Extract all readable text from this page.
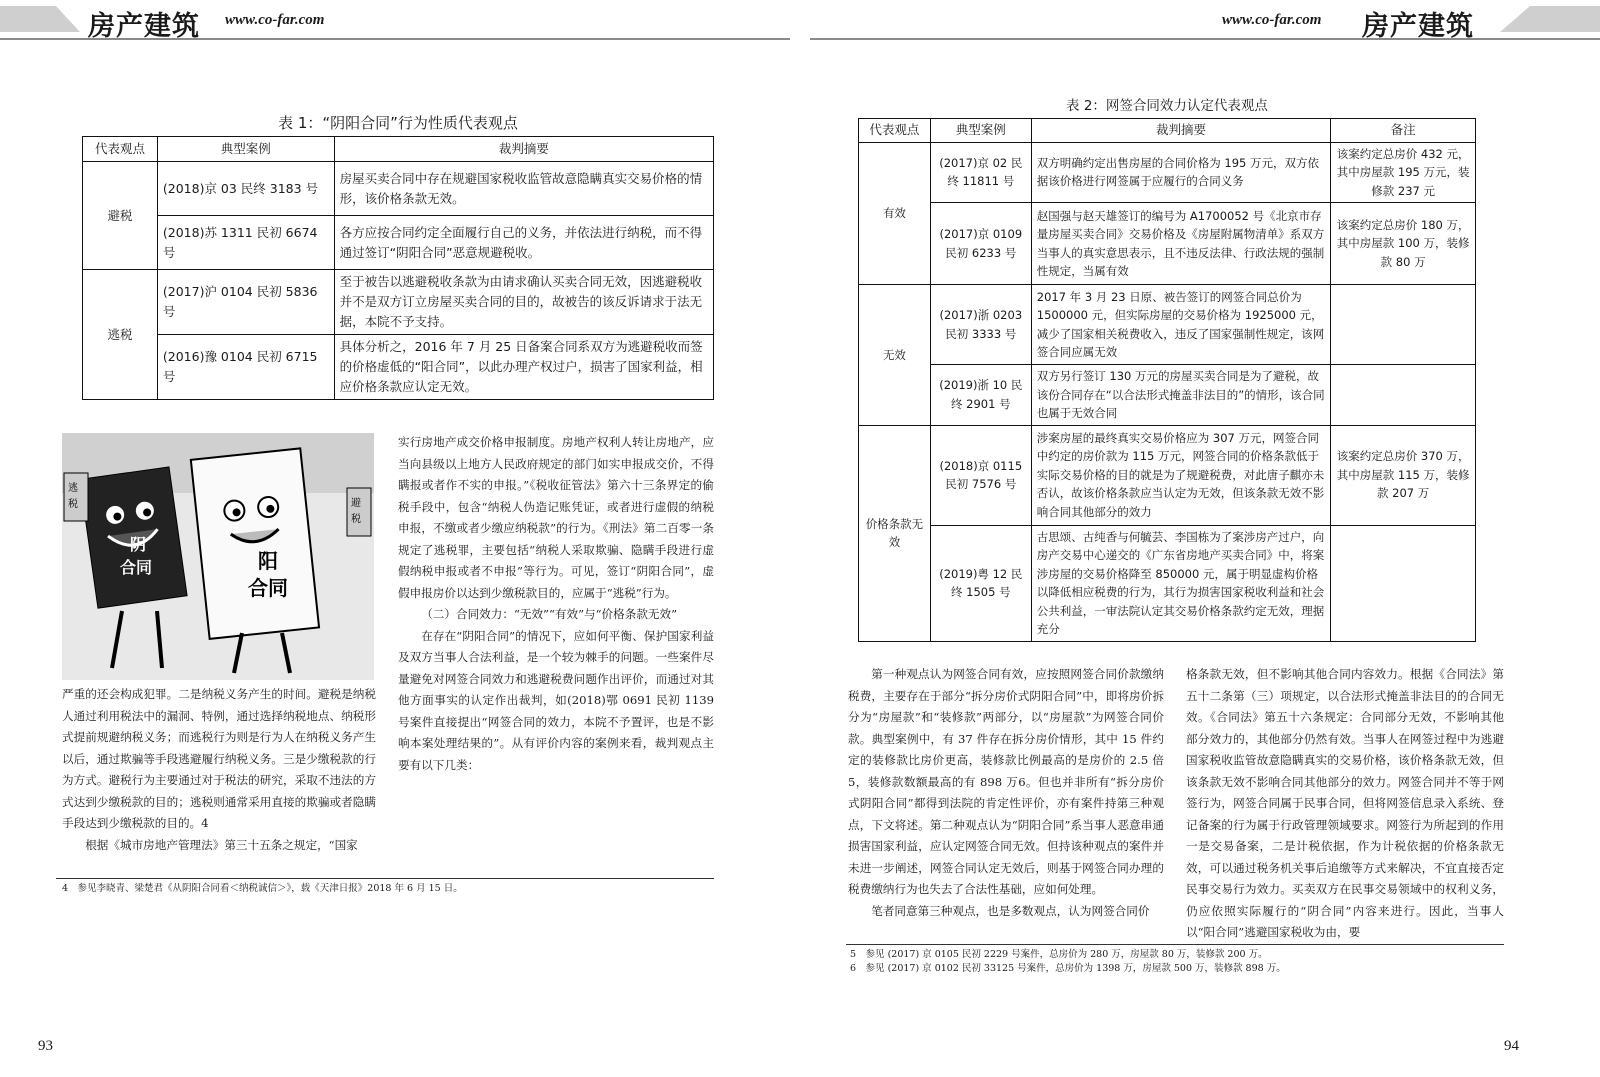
房产建筑 www.co-far.com	www.co-far.com 房产建筑
表 1：“阴阳合同”行为性质代表观点
代表观点	典型案例	裁判摘要
避税	(2018)京 03 民终 3183 号	房屋买卖合同中存在规避国家税收监管故意隐瞒真实交易价格的情形，该价格条款无效。
	(2018)苏 1311 民初 6674 号	各方应按合同约定全面履行自己的义务，并依法进行纳税，而不得通过签订“阴阳合同”恶意规避税收。
逃税	(2017)沪 0104 民初 5836 号	至于被告以逃避税收条款为由请求确认买卖合同无效，因逃避税收并不是双方订立房屋买卖合同的目的，故被告的该反诉请求于法无据，本院不予支持。
	(2016)豫 0104 民初 6715 号	具体分析之，2016 年 7 月 25 日备案合同系双方为逃避税收而签的价格虚低的“阳合同”，以此办理产权过户，损害了国家利益，相应价格条款应认定无效。
阴
合同	阳
合同
逃
税	避
税

严重的还会构成犯罪。二是纳税义务产生的时间。避税是纳税人通过利用税法中的漏洞、特例，通过选择纳税地点、纳税形式提前规避纳税义务；而逃税行为则是行为人在纳税义务产生以后，通过欺骗等手段逃避履行纳税义务。三是少缴税款的行为方式。避税行为主要通过对于税法的研究，采取不违法的方式达到少缴税款的目的；逃税则通常采用直接的欺骗或者隐瞒手段达到少缴税款的目的。4

根据《城市房地产管理法》第三十五条之规定，“国家

实行房地产成交价格申报制度。房地产权利人转让房地产，应当向县级以上地方人民政府规定的部门如实申报成交价，不得瞒报或者作不实的申报。”《税收征管法》第六十三条界定的偷税手段中，包含“纳税人伪造记账凭证，或者进行虚假的纳税申报，不缴或者少缴应纳税款”的行为。《刑法》第二百零一条规定了逃税罪，主要包括“纳税人采取欺骗、隐瞒手段进行虚假纳税申报或者不申报”等行为。可见，签订“阴阳合同”，虚假申报房价以达到少缴税款目的，应属于“逃税”行为。

（二）合同效力：“无效”“有效”与“价格条款无效”

在存在“阴阳合同”的情况下，应如何平衡、保护国家利益及双方当事人合法利益，是一个较为棘手的问题。一些案件尽量避免对网签合同效力和逃避税费问题作出评价，而通过对其他方面事实的认定作出裁判，如(2018)鄂 0691 民初 1139 号案件直接提出“网签合同的效力，本院不予置评，也是不影响本案处理结果的”。从有评价内容的案例来看，裁判观点主要有以下几类：

4　参见李晓青、梁楚君《从阴阳合同看＜纳税诚信＞》，载《天津日报》2018 年 6 月 15 日。
93
表 2：网签合同效力认定代表观点
代表观点	典型案例	裁判摘要	备注
有效	(2017)京 02 民终 11811 号	双方明确约定出售房屋的合同价格为 195 万元，双方依据该价格进行网签属于应履行的合同义务	该案约定总房价 432 元，其中房屋款 195 万元，装修款 237 元
	(2017)京 0109 民初 6233 号	赵国强与赵天雄签订的编号为 A1700052 号《北京市存量房屋买卖合同》交易价格及《房屋附属物清单》系双方当事人的真实意思表示，且不违反法律、行政法规的强制性规定，当属有效	该案约定总房价 180 万，其中房屋款 100 万，装修款 80 万
无效	(2017)浙 0203 民初 3333 号	2017 年 3 月 23 日原、被告签订的网签合同总价为 1500000 元，但实际房屋的交易价格为 1925000 元，减少了国家相关税费收入，违反了国家强制性规定，该网签合同应属无效	
	(2019)浙 10 民终 2901 号	双方另行签订 130 万元的房屋买卖合同是为了避税，故该份合同存在“以合法形式掩盖非法目的”的情形，该合同也属于无效合同	
价格条款无效	(2018)京 0115 民初 7576 号	涉案房屋的最终真实交易价格应为 307 万元，网签合同中约定的房价款为 115 万元，网签合同的价格条款低于实际交易价格的目的就是为了规避税费，对此唐子麒亦未否认，故该价格条款应当认定为无效，但该条款无效不影响合同其他部分的效力	该案约定总房价 370 万，其中房屋款 115 万，装修款 207 万
	(2019)粤 12 民终 1505 号	古思颂、古纯香与何毓芸、李国栋为了案涉房产过户，向房产交易中心递交的《广东省房地产买卖合同》中，将案涉房屋的交易价格降至 850000 元，属于明显虚构价格以降低相应税费的行为，其行为损害国家税收利益和社会公共利益，一审法院认定其交易价格条款约定无效，理据充分	

第一种观点认为网签合同有效，应按照网签合同价款缴纳税费，主要存在于部分“拆分房价式阴阳合同”中，即将房价拆分为“房屋款”和“装修款”两部分，以“房屋款”为网签合同价款。典型案例中，有 37 件存在拆分房价情形，其中 15 件约定的装修款比房价更高，装修款比例最高的是房价的 2.5 倍5，装修款数额最高的有 898 万6。但也并非所有“拆分房价式阴阳合同”都得到法院的肯定性评价，亦有案件持第三种观点，下文将述。第二种观点认为“阴阳合同”系当事人恶意串通损害国家利益，应认定网签合同无效。但持该种观点的案件并未进一步阐述，网签合同认定无效后，则基于网签合同办理的税费缴纳行为也失去了合法性基础，应如何处理。

笔者同意第三种观点，也是多数观点，认为网签合同价

格条款无效，但不影响其他合同内容效力。根据《合同法》第五十二条第（三）项规定，以合法形式掩盖非法目的的合同无效。《合同法》第五十六条规定：合同部分无效，不影响其他部分效力的，其他部分仍然有效。当事人在网签过程中为逃避国家税收监管故意隐瞒真实的交易价格，该价格条款无效，但该条款无效不影响合同其他部分的效力。网签合同并不等于网签行为，网签合同属于民事合同，但将网签信息录入系统、登记备案的行为属于行政管理领域要求。网签行为所起到的作用一是交易备案，二是计税依据，作为计税依据的价格条款无效，可以通过税务机关事后追缴等方式来解决，不宜直接否定民事交易行为效力。买卖双方在民事交易领域中的权利义务，仍应依照实际履行的“阴合同”内容来进行。因此，当事人以“阳合同”逃避国家税收为由，要

5　参见 (2017) 京 0105 民初 2229 号案件，总房价为 280 万，房屋款 80 万，装修款 200 万。
6　参见 (2017) 京 0102 民初 33125 号案件，总房价为 1398 万，房屋款 500 万，装修款 898 万。
94
